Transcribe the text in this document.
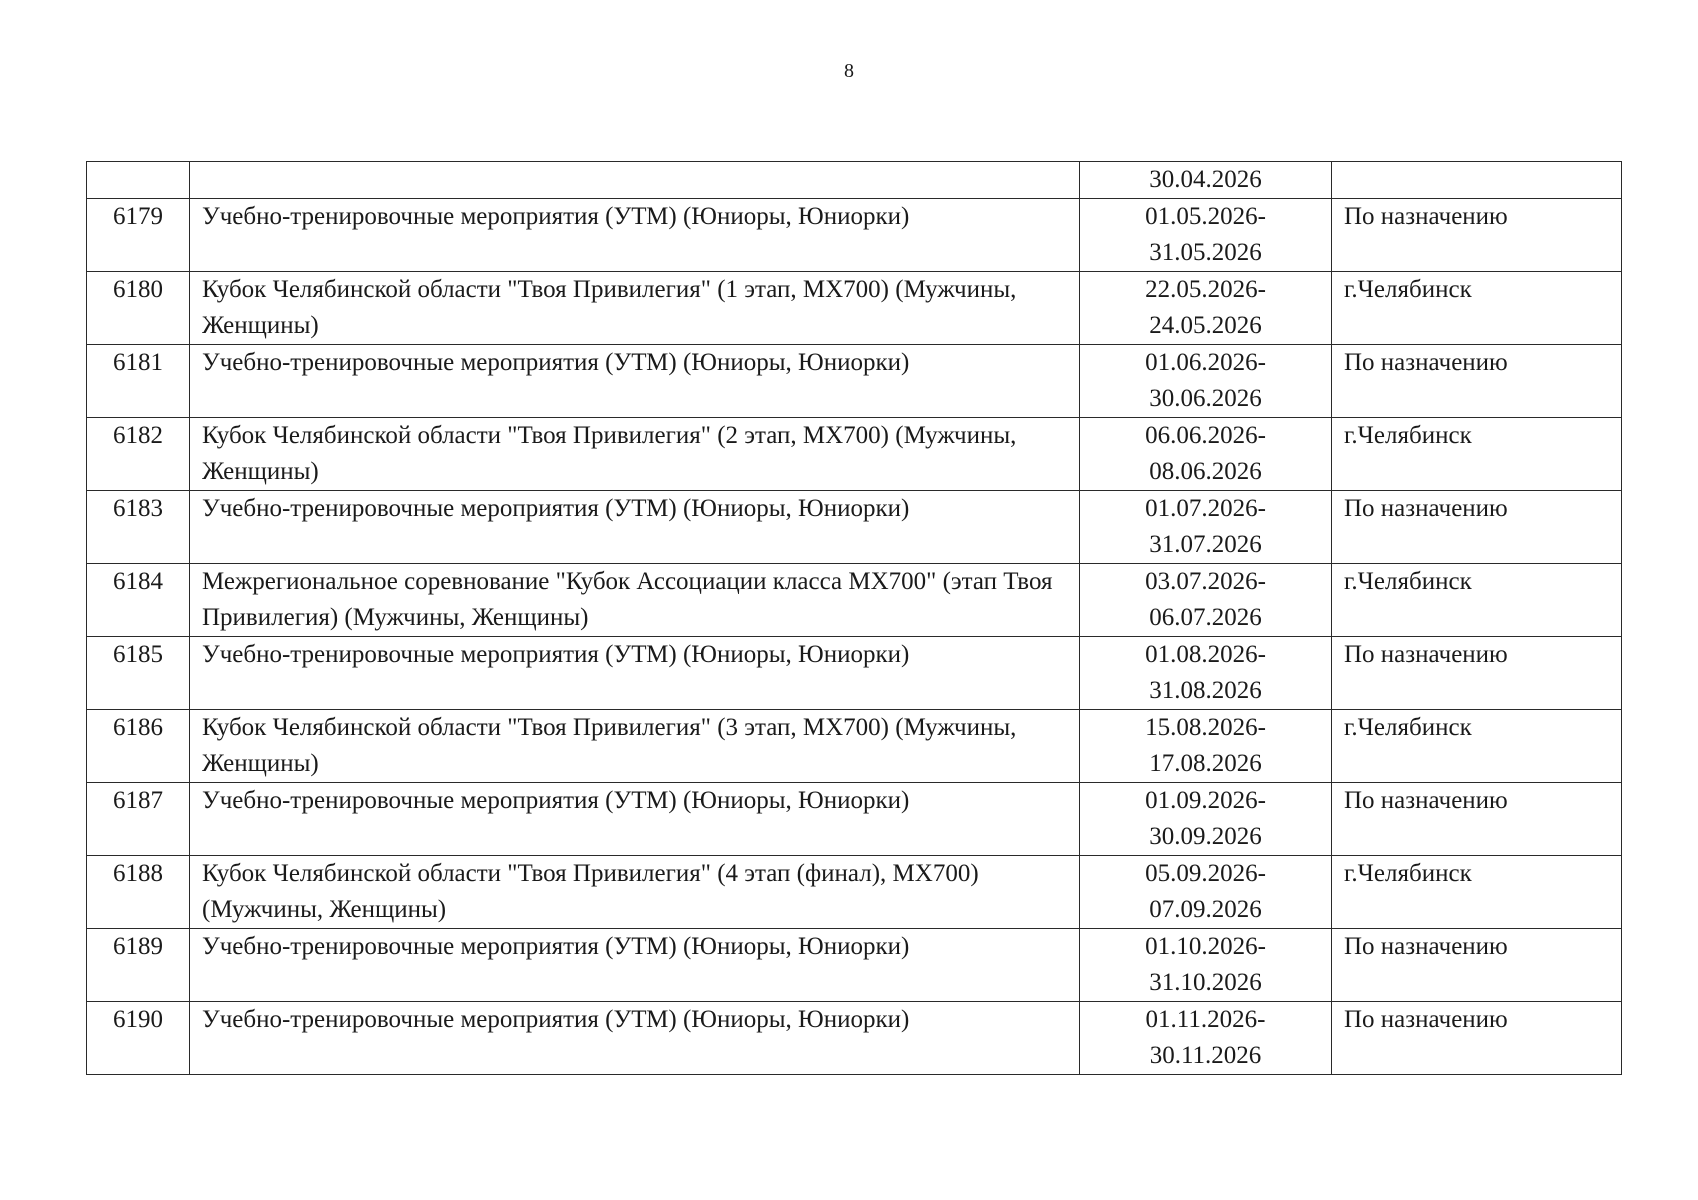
8

		30.04.2026	

6179	Учебно-тренировочные мероприятия (УТМ) (Юниоры, Юниорки)	01.05.2026-
31.05.2026	По назначению
6180	Кубок Челябинской области "Твоя Привилегия" (1 этап, МХ700) (Мужчины, Женщины)	22.05.2026-
24.05.2026	г.Челябинск
6181	Учебно-тренировочные мероприятия (УТМ) (Юниоры, Юниорки)	01.06.2026-
30.06.2026	По назначению
6182	Кубок Челябинской области "Твоя Привилегия" (2 этап, МХ700) (Мужчины, Женщины)	06.06.2026-
08.06.2026	г.Челябинск
6183	Учебно-тренировочные мероприятия (УТМ) (Юниоры, Юниорки)	01.07.2026-
31.07.2026	По назначению
6184	Межрегиональное соревнование "Кубок Ассоциации класса МХ700" (этап Твоя Привилегия) (Мужчины, Женщины)	03.07.2026-
06.07.2026	г.Челябинск
6185	Учебно-тренировочные мероприятия (УТМ) (Юниоры, Юниорки)	01.08.2026-
31.08.2026	По назначению
6186	Кубок Челябинской области "Твоя Привилегия" (3 этап, МХ700) (Мужчины, Женщины)	15.08.2026-
17.08.2026	г.Челябинск
6187	Учебно-тренировочные мероприятия (УТМ) (Юниоры, Юниорки)	01.09.2026-
30.09.2026	По назначению
6188	Кубок Челябинской области "Твоя Привилегия" (4 этап (финал), МХ700) (Мужчины, Женщины)	05.09.2026-
07.09.2026	г.Челябинск
6189	Учебно-тренировочные мероприятия (УТМ) (Юниоры, Юниорки)	01.10.2026-
31.10.2026	По назначению
6190	Учебно-тренировочные мероприятия (УТМ) (Юниоры, Юниорки)	01.11.2026-
30.11.2026	По назначению
